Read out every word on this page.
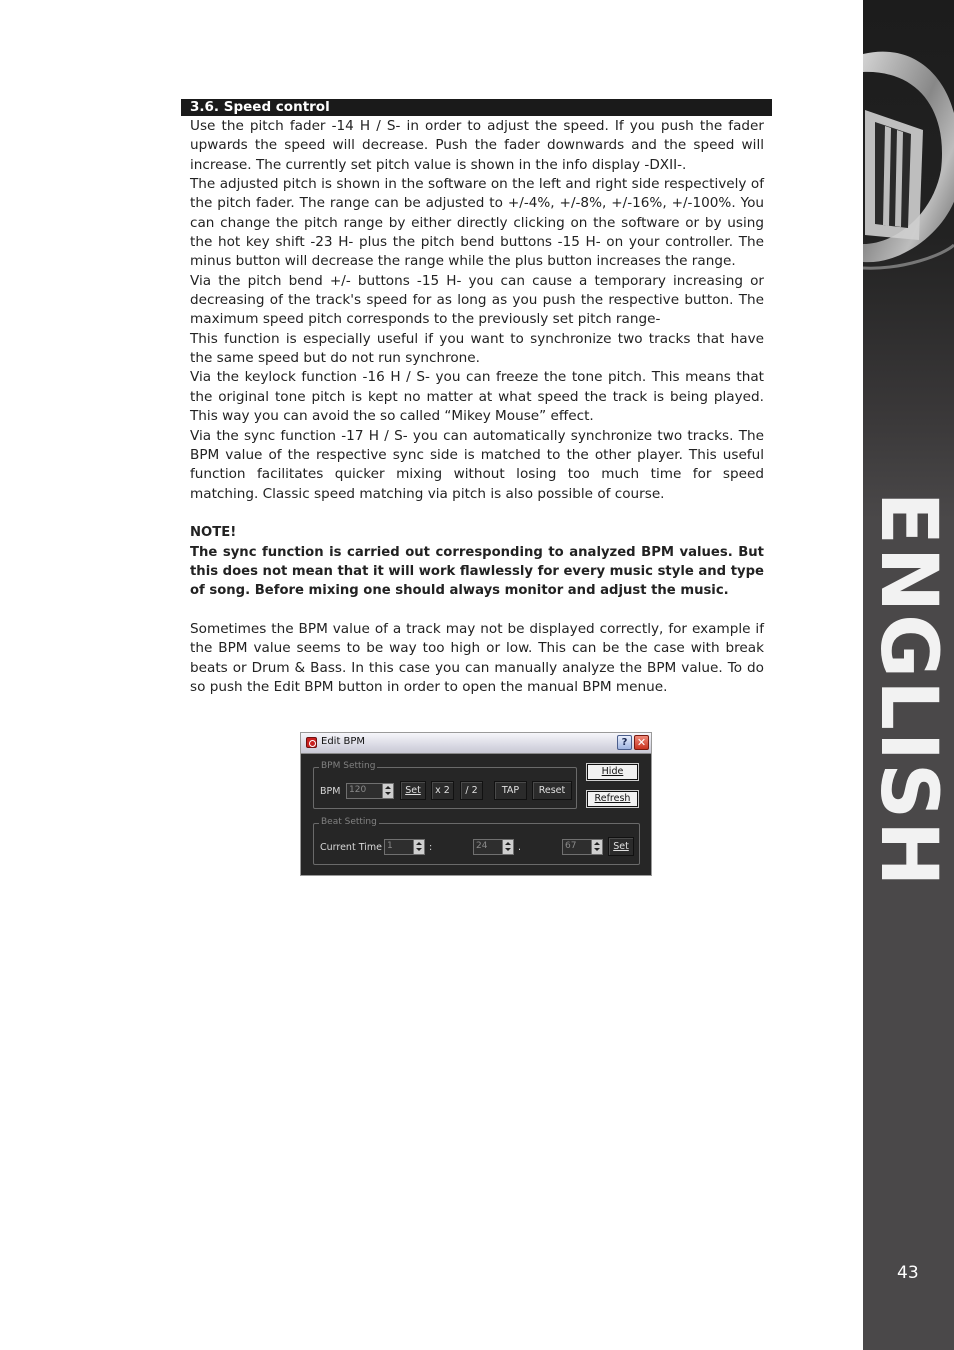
ENGLISH
43
3.6. Speed control

Use the pitch fader -14 H / S- in order to adjust the speed. If you push the fader upwards the speed will decrease. Push the fader downwards and the speed will increase. The currently set pitch value is shown in the info display -DXII-.

The adjusted pitch is shown in the software on the left and right side respectively of the pitch fader. The range can be adjusted to +/-4%, +/-8%, +/-16%, +/-100%. You can change the pitch range by either directly clicking on the software or by using the hot key shift -23 H- plus the pitch bend buttons -15 H- on your controller. The minus button will decrease the range while the plus button increases the range.

Via the pitch bend +/- buttons -15 H- you can cause a temporary increasing or decreasing of the track's speed for as long as you push the respective button. The maximum speed pitch corresponds to the previously set pitch range-

This function is especially useful if you want to synchronize two tracks that have the same speed but do not run synchrone.

Via the keylock function -16 H / S- you can freeze the tone pitch. This means that the original tone pitch is kept no matter at what speed the track is being played. This way you can avoid the so called “Mikey Mouse” effect.

Via the sync function -17 H / S- you can automatically synchronize two tracks. The BPM value of the respective sync side is matched to the other player. This useful function facilitates quicker mixing without losing too much time for speed matching. Classic speed matching via pitch is also possible of course.

NOTE!

The sync function is carried out corresponding to analyzed BPM values. But this does not mean that it will work flawlessly for every music style and type of song. Before mixing one should always monitor and adjust the music.

Sometimes the BPM value of a track may not be displayed correctly, for example if the BPM value seems to be way too high or low. This can be the case with break beats or Drum & Bass. In this case you can manually analyze the BPM value. To do so push the Edit BPM button in order to open the manual BPM menue.

Edit BPM	? ✕
BPM Setting
BPM 120	Set	x 2	/ 2	TAP	Reset
Hide
Refresh
Beat Setting
Current Time 1	:	24	.	67	Set
